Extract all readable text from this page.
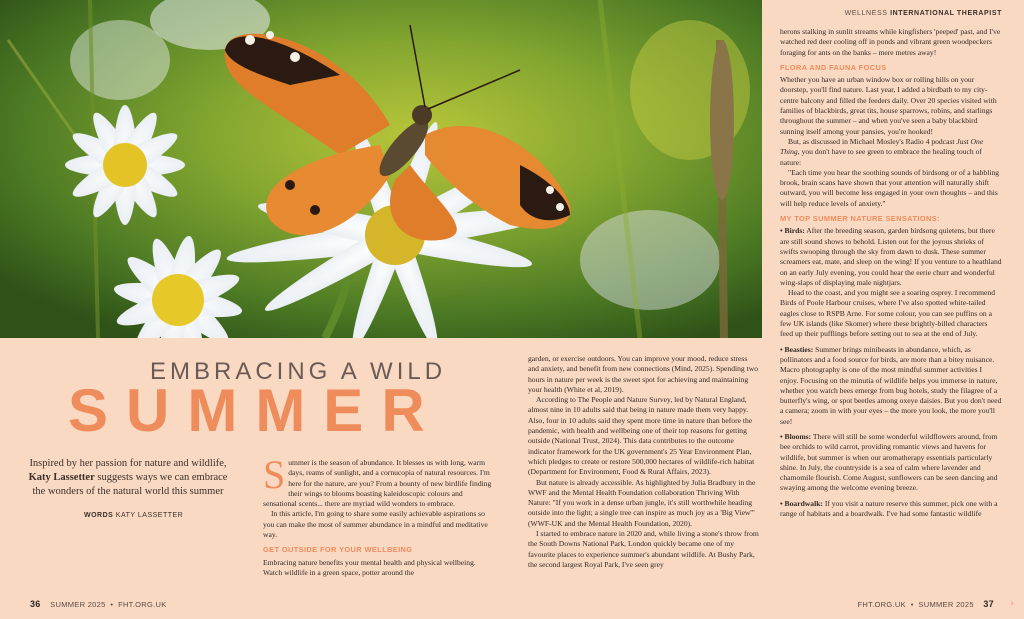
WELLNESS INTERNATIONAL THERAPIST
EMBRACING A WILD
SUMMER
Inspired by her passion for nature and wildlife, Katy Lassetter suggests ways we can embrace the wonders of the natural world this summer
WORDS KATY LASSETTER

Summer is the season of abundance. It blesses us with long, warm days, reams of sunlight, and a cornucopia of natural resources. I'm here for the nature, are you? From a bounty of new birdlife finding their wings to blooms boasting kaleidoscopic colours and sensational scents... there are myriad wild wonders to embrace.

In this article, I'm going to share some easily achievable aspirations so you can make the most of summer abundance in a mindful and meditative way.

GET OUTSIDE FOR YOUR WELLBEING

Embracing nature benefits your mental health and physical wellbeing. Watch wildlife in a green space, potter around the

garden, or exercise outdoors. You can improve your mood, reduce stress and anxiety, and benefit from new connections (Mind, 2025). Spending two hours in nature per week is the sweet spot for achieving and maintaining your health (White et al, 2019).

According to The People and Nature Survey, led by Natural England, almost nine in 10 adults said that being in nature made them very happy. Also, four in 10 adults said they spent more time in nature than before the pandemic, with health and wellbeing one of their top reasons for getting outside (National Trust, 2024). This data contributes to the outcome indicator framework for the UK government's 25 Year Environment Plan, which pledges to create or restore 500,000 hectares of wildlife-rich habitat (Department for Environment, Food & Rural Affairs, 2023).

But nature is already accessible. As highlighted by Julia Bradbury in the WWF and the Mental Health Foundation collaboration Thriving With Nature: "If you work in a dense urban jungle, it's still worthwhile heading outside into the light; a single tree can inspire as much joy as a 'Big View'" (WWF-UK and the Mental Health Foundation, 2020).

I started to embrace nature in 2020 and, while living a stone's throw from the South Downs National Park, London quickly became one of my favourite places to experience summer's abundant wildlife. At Bushy Park, the second largest Royal Park, I've seen grey

herons stalking in sunlit streams while kingfishers 'peeped' past, and I've watched red deer cooling off in ponds and vibrant green woodpeckers foraging for ants on the banks – mere metres away!

FLORA AND FAUNA FOCUS

Whether you have an urban window box or rolling hills on your doorstep, you'll find nature. Last year, I added a birdbath to my city-centre balcony and filled the feeders daily. Over 20 species visited with families of blackbirds, great tits, house sparrows, robins, and starlings throughout the summer – and when you've seen a baby blackbird sunning itself among your pansies, you're hooked!

But, as discussed in Michael Mosley's Radio 4 podcast Just One Thing, you don't have to see green to embrace the healing touch of nature:

"Each time you hear the soothing sounds of birdsong or of a babbling brook, brain scans have shown that your attention will naturally shift outward, you will become less engaged in your own thoughts – and this will help reduce levels of anxiety."

MY TOP SUMMER NATURE SENSATIONS:

• Birds: After the breeding season, garden birdsong quietens, but there are still sound shows to behold. Listen out for the joyous shrieks of swifts swooping through the sky from dawn to dusk. These summer screamers eat, mate, and sleep on the wing! If you venture to a heathland on an early July evening, you could hear the eerie churr and wonderful wing-slaps of displaying male nightjars.

Head to the coast, and you might see a soaring osprey. I recommend Birds of Poole Harbour cruises, where I've also spotted white-tailed eagles close to RSPB Arne. For some colour, you can see puffins on a few UK islands (like Skomer) where these brightly-billed characters feed up their pufflings before setting out to sea at the end of July.

• Beasties: Summer brings minibeasts in abundance, which, as pollinators and a food source for birds, are more than a bitey nuisance. Macro photography is one of the most mindful summer activities I enjoy. Focusing on the minutia of wildlife helps you immerse in nature, whether you watch bees emerge from bug hotels, study the filagree of a butterfly's wing, or spot beetles among oxeye daisies. But you don't need a camera; zoom in with your eyes – the more you look, the more you'll see!

• Blooms: There will still be some wonderful wildflowers around, from bee orchids to wild carrot, providing romantic views and havens for wildlife, but summer is when our aromatherapy essentials particularly shine. In July, the countryside is a sea of calm where lavender and chamomile flourish. Come August, sunflowers can be seen dancing and swaying among the welcome evening breeze.

• Boardwalk: If you visit a nature reserve this summer, pick one with a range of habitats and a boardwalk. I've had some fantastic wildlife

36 SUMMER 2025 • FHT.ORG.UK	FHT.ORG.UK • SUMMER 2025 37 ›
